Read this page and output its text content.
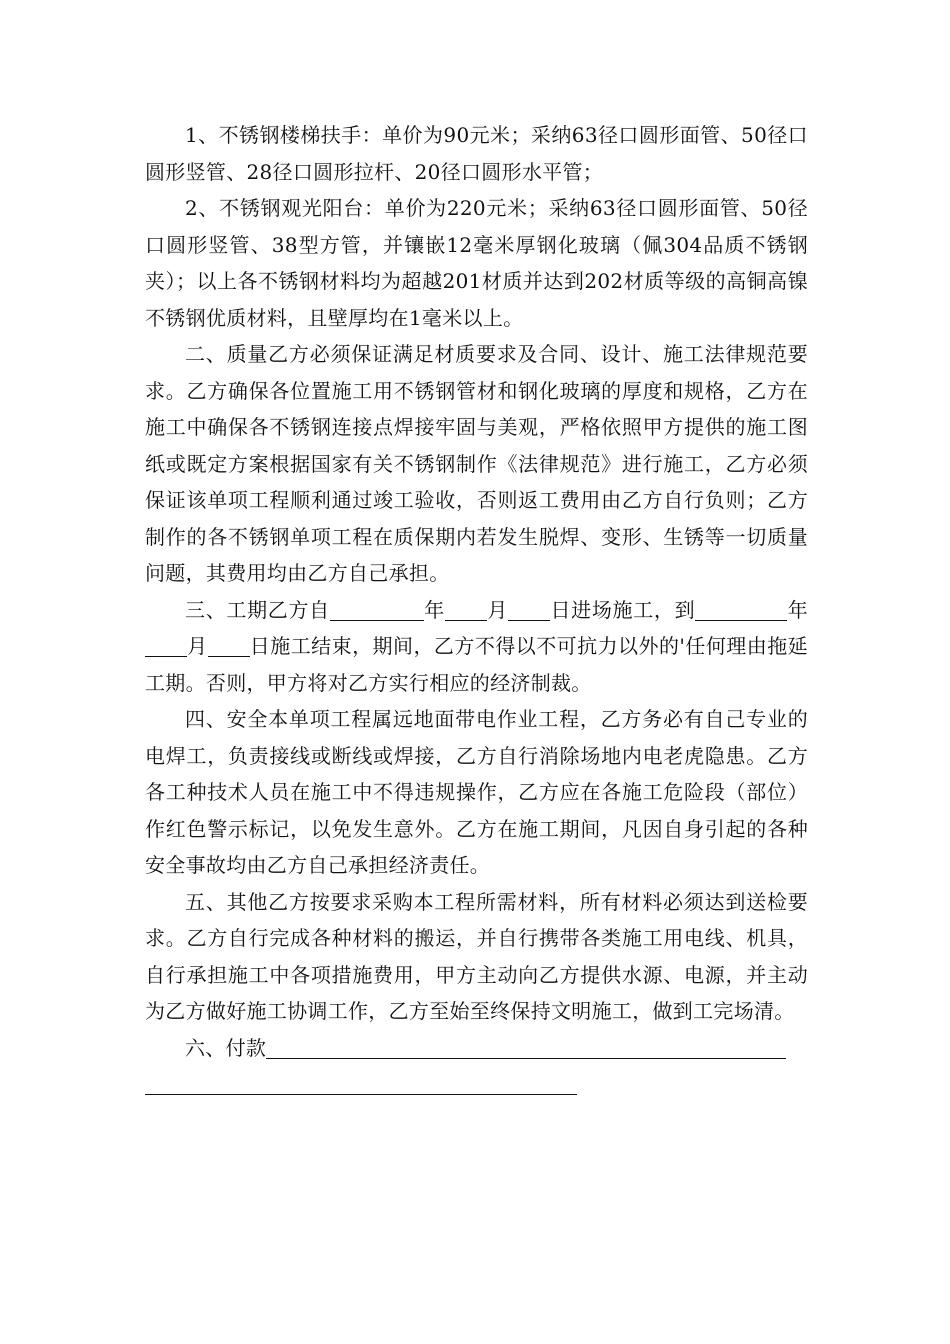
1、不锈钢楼梯扶手：单价为90元米；采纳63径口圆形面管、50径口圆形竖管、28径口圆形拉杆、20径口圆形水平管；

2、不锈钢观光阳台：单价为220元米；采纳63径口圆形面管、50径口圆形竖管、38型方管，并镶嵌12毫米厚钢化玻璃（佩304品质不锈钢夹）；以上各不锈钢材料均为超越201材质并达到202材质等级的高铜高镍不锈钢优质材料，且壁厚均在1毫米以上。

二、质量乙方必须保证满足材质要求及合同、设计、施工法律规范要求。乙方确保各位置施工用不锈钢管材和钢化玻璃的厚度和规格，乙方在施工中确保各不锈钢连接点焊接牢固与美观，严格依照甲方提供的施工图纸或既定方案根据国家有关不锈钢制作《法律规范》进行施工，乙方必须保证该单项工程顺利通过竣工验收，否则返工费用由乙方自行负则；乙方制作的各不锈钢单项工程在质保期内若发生脱焊、变形、生锈等一切质量问题，其费用均由乙方自己承担。

三、工期乙方自	年 月 日进场施工，到	年月 日施工结束，期间，乙方不得以不可抗力以外的'任何理由拖延工期。否则，甲方将对乙方实行相应的经济制裁。

四、安全本单项工程属远地面带电作业工程，乙方务必有自己专业的电焊工，负责接线或断线或焊接，乙方自行消除场地内电老虎隐患。乙方各工种技术人员在施工中不得违规操作，乙方应在各施工危险段（部位）作红色警示标记，以免发生意外。乙方在施工期间，凡因自身引起的各种安全事故均由乙方自己承担经济责任。

五、其他乙方按要求采购本工程所需材料，所有材料必须达到送检要求。乙方自行完成各种材料的搬运，并自行携带各类施工用电线、机具，自行承担施工中各项措施费用，甲方主动向乙方提供水源、电源，并主动为乙方做好施工协调工作，乙方至始至终保持文明施工，做到工完场清。

六、付款
